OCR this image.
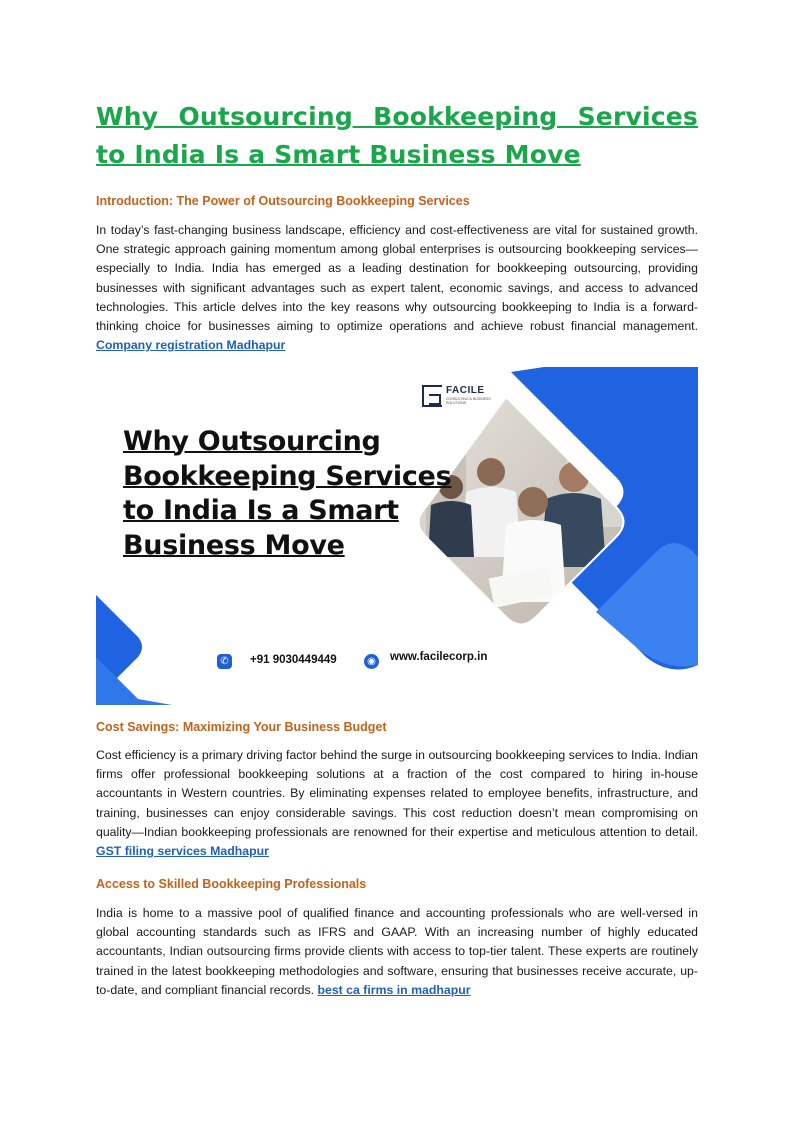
Why Outsourcing Bookkeeping Services to India Is a Smart Business Move
Introduction: The Power of Outsourcing Bookkeeping Services

In today’s fast-changing business landscape, efficiency and cost-effectiveness are vital for sustained growth. One strategic approach gaining momentum among global enterprises is outsourcing bookkeeping services—especially to India. India has emerged as a leading destination for bookkeeping outsourcing, providing businesses with significant advantages such as expert talent, economic savings, and access to advanced technologies. This article delves into the key reasons why outsourcing bookkeeping to India is a forward-thinking choice for businesses aiming to optimize operations and achieve robust financial management. Company registration Madhapur

FACILE
CONSULTING & BUSINESS SOLUTIONS
Why Outsourcing Bookkeeping Services to India Is a Smart Business Move
✆ +91 9030449449	◉ www.facilecorp.in
Cost Savings: Maximizing Your Business Budget

Cost efficiency is a primary driving factor behind the surge in outsourcing bookkeeping services to India. Indian firms offer professional bookkeeping solutions at a fraction of the cost compared to hiring in-house accountants in Western countries. By eliminating expenses related to employee benefits, infrastructure, and training, businesses can enjoy considerable savings. This cost reduction doesn’t mean compromising on quality—Indian bookkeeping professionals are renowned for their expertise and meticulous attention to detail. GST filing services Madhapur

Access to Skilled Bookkeeping Professionals

India is home to a massive pool of qualified finance and accounting professionals who are well-versed in global accounting standards such as IFRS and GAAP. With an increasing number of highly educated accountants, Indian outsourcing firms provide clients with access to top-tier talent. These experts are routinely trained in the latest bookkeeping methodologies and software, ensuring that businesses receive accurate, up-to-date, and compliant financial records. best ca firms in madhapur
